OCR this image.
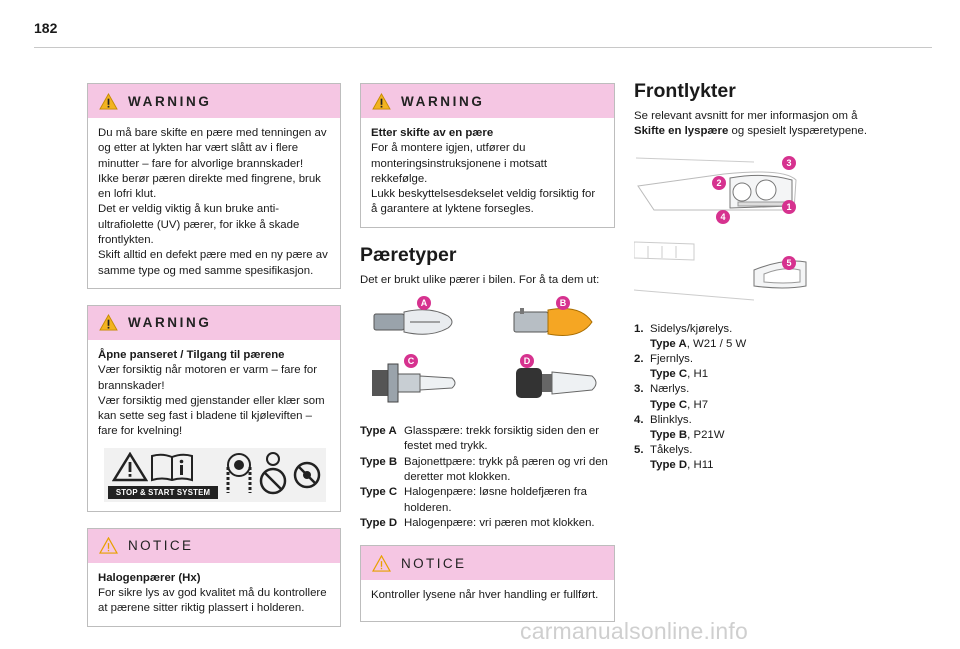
182
WARNING
Du må bare skifte en pære med tenningen av og etter at lykten har vært slått av i flere minutter – fare for alvorlige brannskader!
Ikke berør pæren direkte med fingrene, bruk en lofri klut.
Det er veldig viktig å kun bruke anti-ultrafiolette (UV) pærer, for ikke å skade frontlykten.
Skift alltid en defekt pære med en ny pære av samme type og med samme spesifikasjon.
WARNING
Åpne panseret / Tilgang til pærene
Vær forsiktig når motoren er varm – fare for brannskader!
Vær forsiktig med gjenstander eller klær som kan sette seg fast i bladene til kjøleviften – fare for kvelning!
STOP & START SYSTEM
NOTICE
Halogenpærer (Hx)
For sikre lys av god kvalitet må du kontrollere at pærene sitter riktig plassert i holderen.
WARNING
Etter skifte av en pære
For å montere igjen, utfører du monteringsinstruksjonene i motsatt rekkefølge.
Lukk beskyttelsesdekselet veldig forsiktig for å garantere at lyktene forsegles.
Pæretyper
Det er brukt ulike pærer i bilen. For å ta dem ut:
A	B
C	D
Type A Glasspære: trekk forsiktig siden den er festet med trykk.
Type B Bajonettpære: trykk på pæren og vri den deretter mot klokken.
Type C Halogenpære: løsne holdefjæren fra holderen.
Type D Halogenpære: vri pæren mot klokken.
NOTICE
Kontroller lysene når hver handling er fullført.
Frontlykter
Se relevant avsnitt for mer informasjon om å Skifte en lyspære og spesielt lyspæretypene.
1
2
3
4
5
1. Sidelys/kjørelys.
Type A, W21 / 5 W
2. Fjernlys.
Type C, H1
3. Nærlys.
Type C, H7
4. Blinklys.
Type B, P21W
5. Tåkelys.
Type D, H11
carmanualsonline.info
